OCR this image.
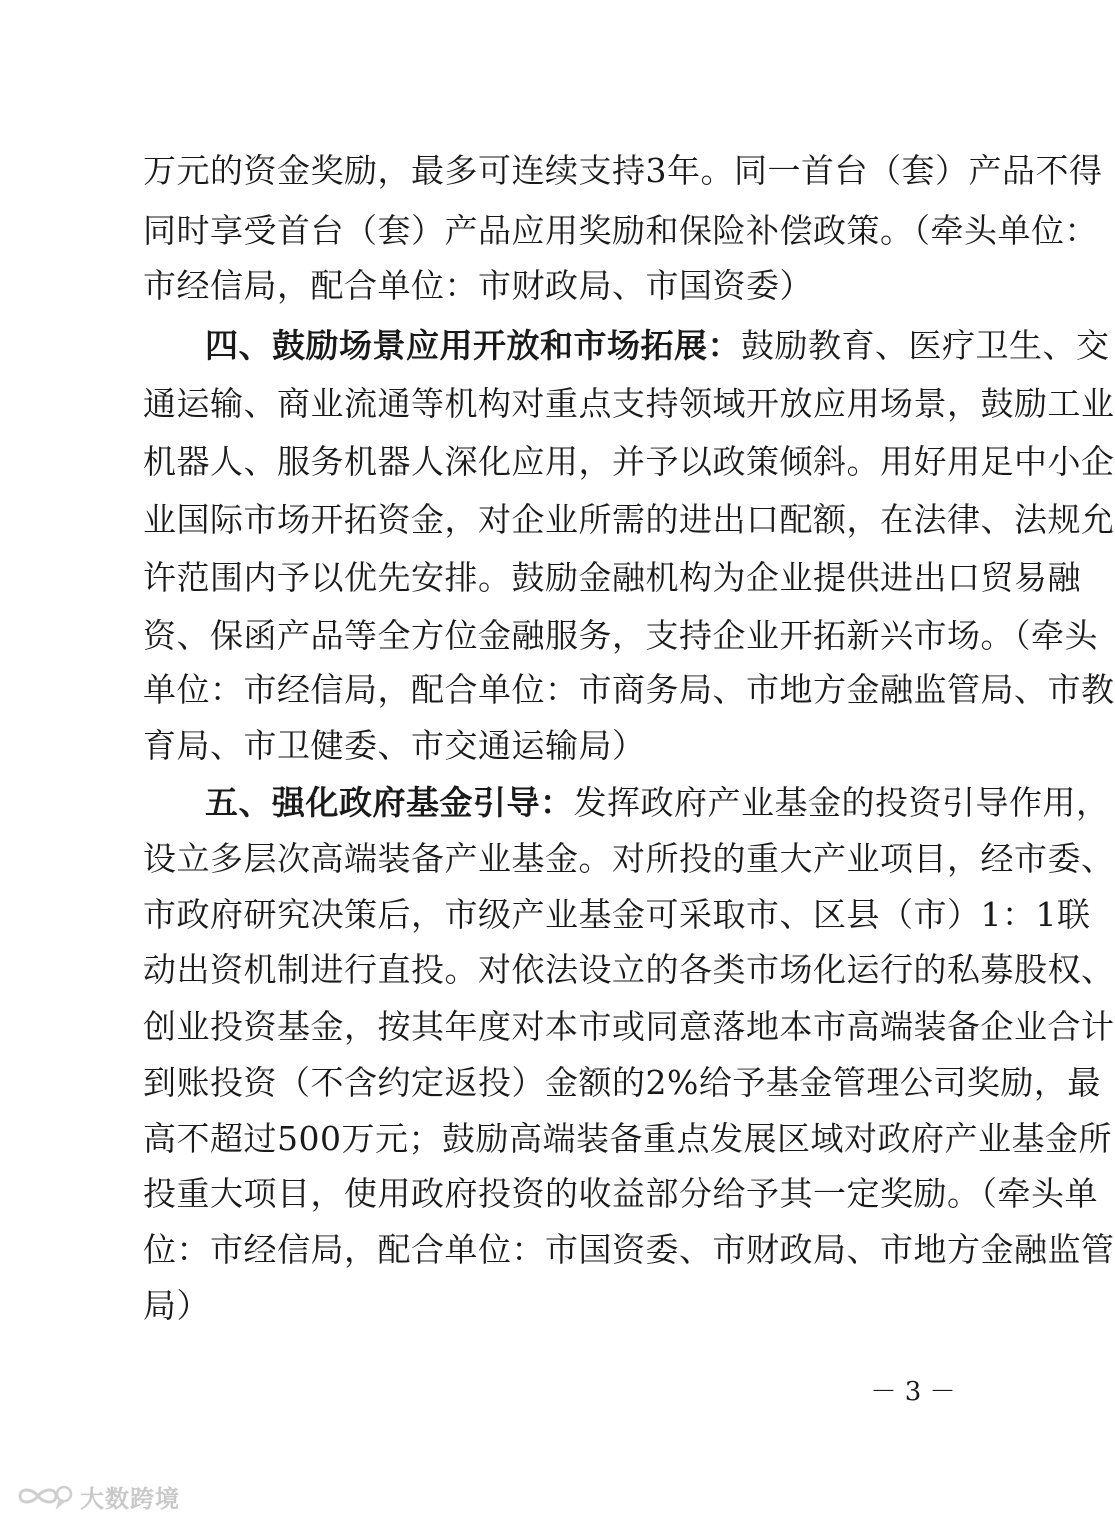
万元的资金奖励，最多可连续支持3年。同一首台（套）产品不得
同时享受首台（套）产品应用奖励和保险补偿政策。（牵头单位：
市经信局，配合单位：市财政局、市国资委）
四、鼓励场景应用开放和市场拓展：鼓励教育、医疗卫生、交
通运输、商业流通等机构对重点支持领域开放应用场景，鼓励工业
机器人、服务机器人深化应用，并予以政策倾斜。用好用足中小企
业国际市场开拓资金，对企业所需的进出口配额，在法律、法规允
许范围内予以优先安排。鼓励金融机构为企业提供进出口贸易融
资、保函产品等全方位金融服务，支持企业开拓新兴市场。（牵头
单位：市经信局，配合单位：市商务局、市地方金融监管局、市教
育局、市卫健委、市交通运输局）
五、强化政府基金引导：发挥政府产业基金的投资引导作用，
设立多层次高端装备产业基金。对所投的重大产业项目，经市委、
市政府研究决策后，市级产业基金可采取市、区县（市）1：1联
动出资机制进行直投。对依法设立的各类市场化运行的私募股权、
创业投资基金，按其年度对本市或同意落地本市高端装备企业合计
到账投资（不含约定返投）金额的2%给予基金管理公司奖励，最
高不超过500万元；鼓励高端装备重点发展区域对政府产业基金所
投重大项目，使用政府投资的收益部分给予其一定奖励。（牵头单
位：市经信局，配合单位：市国资委、市财政局、市地方金融监管
局）
－ 3 －
大数跨境
